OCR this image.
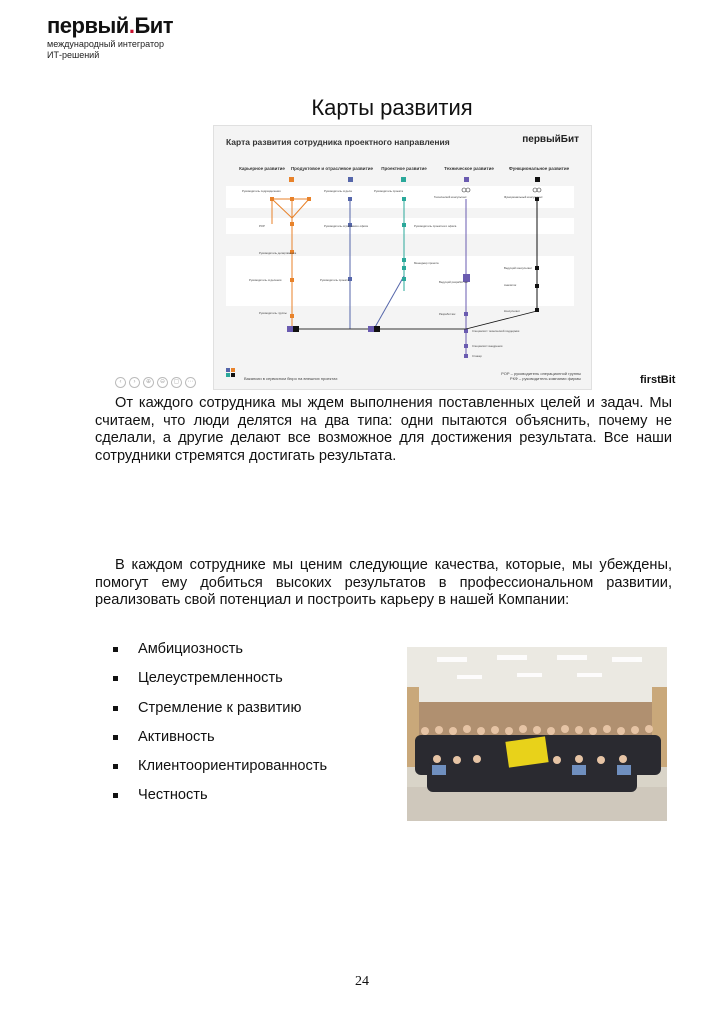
первый.Бит
международный интегратор
ИТ-решений
Карты развития
Карта развития сотрудника проектного направления	первыйБит
Карьерное развитие Продуктовое и отраслевое развитие Проектное развитие	Техническое развитие	Функциональное развитие
Руководитель подразделения	Руководитель отдела	Руководитель проекта
Технический консультант	Функциональный консультант
РОР	Руководитель отраслевого офиса	Руководитель проектного офиса
Руководитель департамента
Руководитель отделения	Руководитель проекта
Менеджер проекта
Ведущий консультант
Аналитик
Ведущий разработчик
Руководитель группы	Разработчик
Консультант
Специалист технической поддержки
Специалист внедрения
Стажер
Вакансии в сервисном бюро на внешних проектах
РОР – руководитель операционной группы
РКФ – руководитель компании фирмы
‹	›	⊕	⊖	▢	⋯	firstBit
От каждого сотрудника мы ждем выполнения поставленных целей и задач. Мы считаем, что люди делятся на два типа: одни пытаются объяснить, почему не сделали, а другие делают все возможное для достижения результата. Все наши сотрудники стремятся достигать результата.
В каждом сотруднике мы ценим следующие качества, которые, мы убеждены, помогут ему добиться высоких результатов в профессиональном развитии, реализовать свой потенциал и построить карьеру в нашей Компании:
Амбициозность
Целеустремленность
Стремление к развитию
Активность
Клиентоориентированность
Честность
24
